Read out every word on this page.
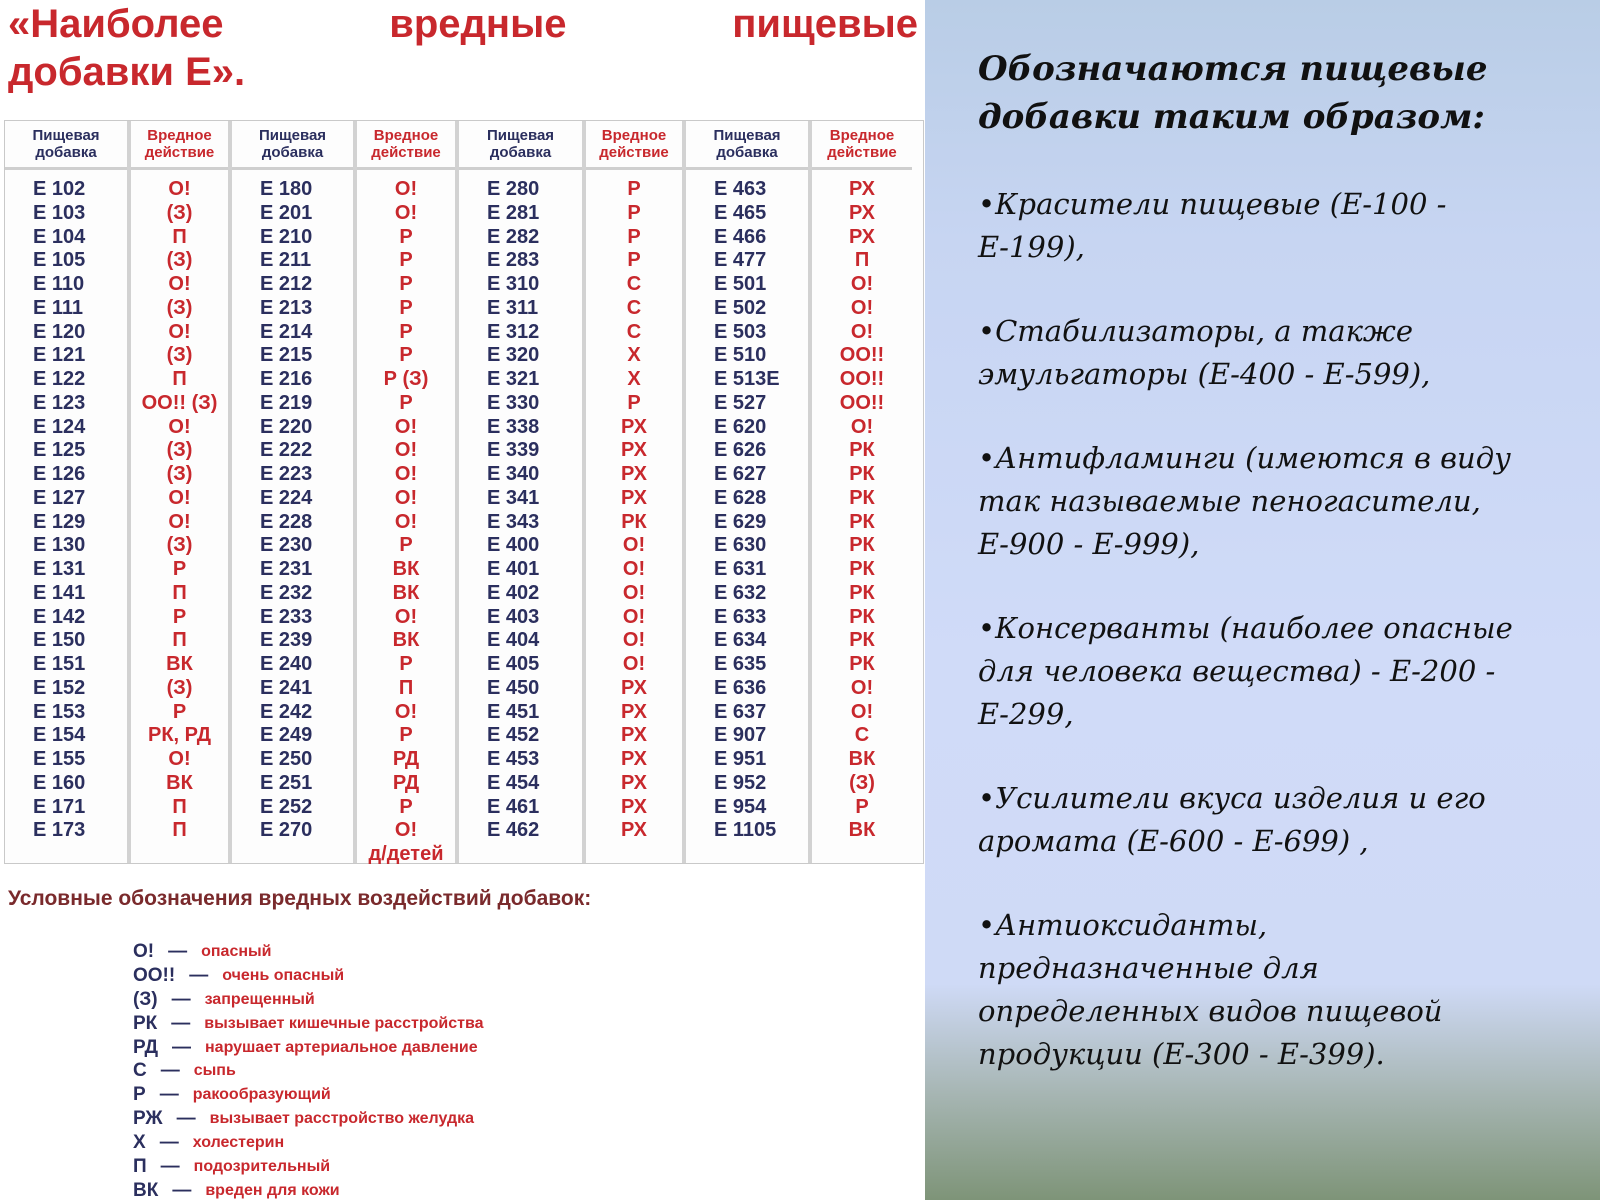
«Наиболее	вредные	пищевые
добавки Е».
Пищевая добавка
Е 102
Е 103
Е 104
Е 105
Е 110
Е 111
Е 120
Е 121
Е 122
Е 123
Е 124
Е 125
Е 126
Е 127
Е 129
Е 130
Е 131
Е 141
Е 142
Е 150
Е 151
Е 152
Е 153
Е 154
Е 155
Е 160
Е 171
Е 173
Вредное действие
О!
(З)
П
(З)
О!
(З)
О!
(З)
П
ОО!! (З)
О!
(З)
(З)
О!
О!
(З)
Р
П
Р
П
ВК
(З)
Р
РК, РД
О!
ВК
П
П
Пищевая добавка
Е 180
Е 201
Е 210
Е 211
Е 212
Е 213
Е 214
Е 215
Е 216
Е 219
Е 220
Е 222
Е 223
Е 224
Е 228
Е 230
Е 231
Е 232
Е 233
Е 239
Е 240
Е 241
Е 242
Е 249
Е 250
Е 251
Е 252
Е 270
Вредное действие
О!
О!
Р
Р
Р
Р
Р
Р
Р (З)
Р
О!
О!
О!
О!
О!
Р
ВК
ВК
О!
ВК
Р
П
О!
Р
РД
РД
Р
О!
д/детей
Пищевая добавка
Е 280
Е 281
Е 282
Е 283
Е 310
Е 311
Е 312
Е 320
Е 321
Е 330
Е 338
Е 339
Е 340
Е 341
Е 343
Е 400
Е 401
Е 402
Е 403
Е 404
Е 405
Е 450
Е 451
Е 452
Е 453
Е 454
Е 461
Е 462
Вредное действие
Р
Р
Р
Р
С
С
С
Х
Х
Р
РХ
РХ
РХ
РХ
РК
О!
О!
О!
О!
О!
О!
РХ
РХ
РХ
РХ
РХ
РХ
РХ
Пищевая добавка
Е 463
Е 465
Е 466
Е 477
Е 501
Е 502
Е 503
Е 510
Е 513Е
Е 527
Е 620
Е 626
Е 627
Е 628
Е 629
Е 630
Е 631
Е 632
Е 633
Е 634
Е 635
Е 636
Е 637
Е 907
Е 951
Е 952
Е 954
Е 1105
Вредное действие
РХ
РХ
РХ
П
О!
О!
О!
ОО!!
ОО!!
ОО!!
О!
РК
РК
РК
РК
РК
РК
РК
РК
РК
РК
О!
О!
С
ВК
(З)
Р
ВК
Условные обозначения вредных воздействий добавок:
О! — опасный
ОО!! — очень опасный
(З) — запрещенный
РК — вызывает кишечные расстройства
РД — нарушает артериальное давление
С — сыпь
Р — ракообразующий
РЖ — вызывает расстройство желудка
Х — холестерин
П — подозрительный
ВК — вреден для кожи
Обозначаются пищевые добавки таким образом:
•Красители пищевые (Е-100 - Е-199),
•Стабилизаторы, а также эмульгаторы (Е-400 - Е-599),
•Антифламинги (имеются в виду так называемые пеногасители, Е-900 - Е-999),
•Консерванты (наиболее опасные для человека вещества) - Е-200 - Е-299,
•Усилители вкуса изделия и его аромата (Е-600 - Е-699) ,
•Антиоксиданты, предназначенные для определенных видов пищевой продукции (Е-300 - Е-399).
